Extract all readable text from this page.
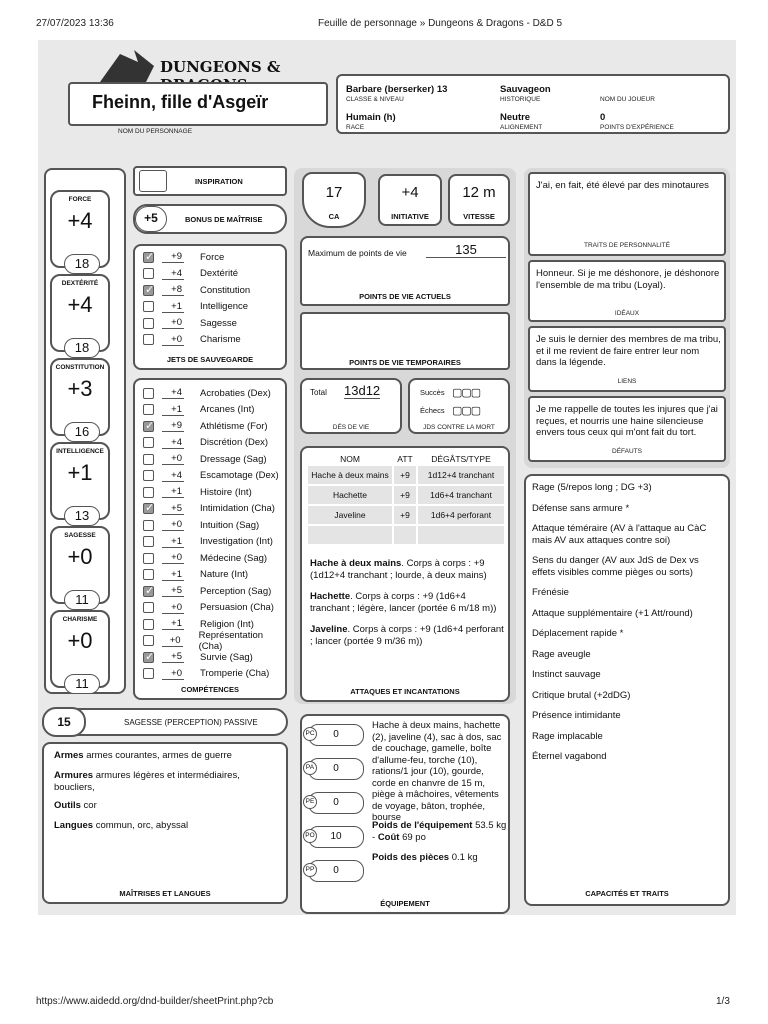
27/07/2023 13:36	Feuille de personnage » Dungeons & Dragons - D&D 5
https://www.aidedd.org/dnd-builder/sheetPrint.php?cb	1/3
DUNGEONS &
Fheinn, fille d'Asgeïr
NOM DU PERSONNAGE
Barbare (berserker) 13
CLASSE & NIVEAU
Sauvageon
HISTORIQUE	NOM DU JOUEUR
Humain (h)
RACE
Neutre
ALIGNEMENT
0
POINTS D'EXPÉRIENCE
INSPIRATION
+5	BONUS DE MAÎTRISE
✓
+9 Force
+4 Dextérité
✓
+8 Constitution
+1 Intelligence
+0 Sagesse
+0 Charisme
JETS DE SAUVEGARDE
+4 Acrobaties (Dex)
+1 Arcanes (Int)
✓
+9 Athlétisme (For)
+4 Discrétion (Dex)
+0 Dressage (Sag)
+4 Escamotage (Dex)
+1 Histoire (Int)
✓
+5 Intimidation (Cha)
+0 Intuition (Sag)
+1 Investigation (Int)
+0 Médecine (Sag)
+1 Nature (Int)
✓
+5 Perception (Sag)
+0 Persuasion (Cha)
+1 Religion (Int)
+0 Représentation (Cha)
✓
+5 Survie (Sag)
+0 Tromperie (Cha)
COMPÉTENCES
15	SAGESSE (PERCEPTION) PASSIVE
Armes armes courantes, armes de guerre
Armures armures légères et intermédiaires, boucliers,
Outils cor
Langues commun, orc, abyssal
MAÎTRISES ET LANGUES
17
CA
+4
INITIATIVE
12 m
VITESSE
Maximum de points de vie	135
POINTS DE VIE ACTUELS
POINTS DE VIE TEMPORAIRES
Total 13d12
DÉS DE VIE
Succès ▢▢▢
Échecs ▢▢▢
JDS CONTRE LA MORT
NOM	ATT	DÉGÂTS/TYPE
Hache à deux mains	+9	1d12+4 tranchant
Hachette	+9	1d6+4 tranchant
Javeline	+9	1d6+4 perforant

Hache à deux mains. Corps à corps : +9 (1d12+4 tranchant ; lourde, à deux mains)
Hachette. Corps à corps : +9 (1d6+4 tranchant ; légère, lancer (portée 6 m/18 m))
Javeline. Corps à corps : +9 (1d6+4 perforant ; lancer (portée 9 m/36 m))
ATTAQUES ET INCANTATIONS
PC 0
PA 0
PE 0
PO 10
PP 0
Hache à deux mains, hachette (2), javeline (4), sac à dos, sac de couchage, gamelle, boîte d'allume-feu, torche (10), rations/1 jour (10), gourde, corde en chanvre de 15 m, piège à mâchoires, vêtements de voyage, bâton, trophée, bourse
Poids de l'équipement 53.5 kg - Coût 69 po
Poids des pièces 0.1 kg
ÉQUIPEMENT
J'ai, en fait, été élevé par des minotaures
TRAITS DE PERSONNALITÉ
Honneur. Si je me déshonore, je déshonore l'ensemble de ma tribu (Loyal).
IDÉAUX
Je suis le dernier des membres de ma tribu, et il me revient de faire entrer leur nom dans la légende.
LIENS
Je me rappelle de toutes les injures que j'ai reçues, et nourris une haine silencieuse envers tous ceux qui m'ont fait du tort.
DÉFAUTS
Rage (5/repos long ; DG +3)
Défense sans armure *
Attaque téméraire (AV à l'attaque au CàC mais AV aux attaques contre soi)
Sens du danger (AV aux JdS de Dex vs effets visibles comme pièges ou sorts)
Frénésie
Attaque supplémentaire (+1 Att/round)
Déplacement rapide *
Rage aveugle
Instinct sauvage
Critique brutal (+2dDG)
Présence intimidante
Rage implacable
Éternel vagabond
CAPACITÉS ET TRAITS
FORCE
+4
18
DEXTÉRITÉ
+4
18
CONSTITUTION
+3
16
INTELLIGENCE
+1
13
SAGESSE
+0
11
CHARISME
+0
11
